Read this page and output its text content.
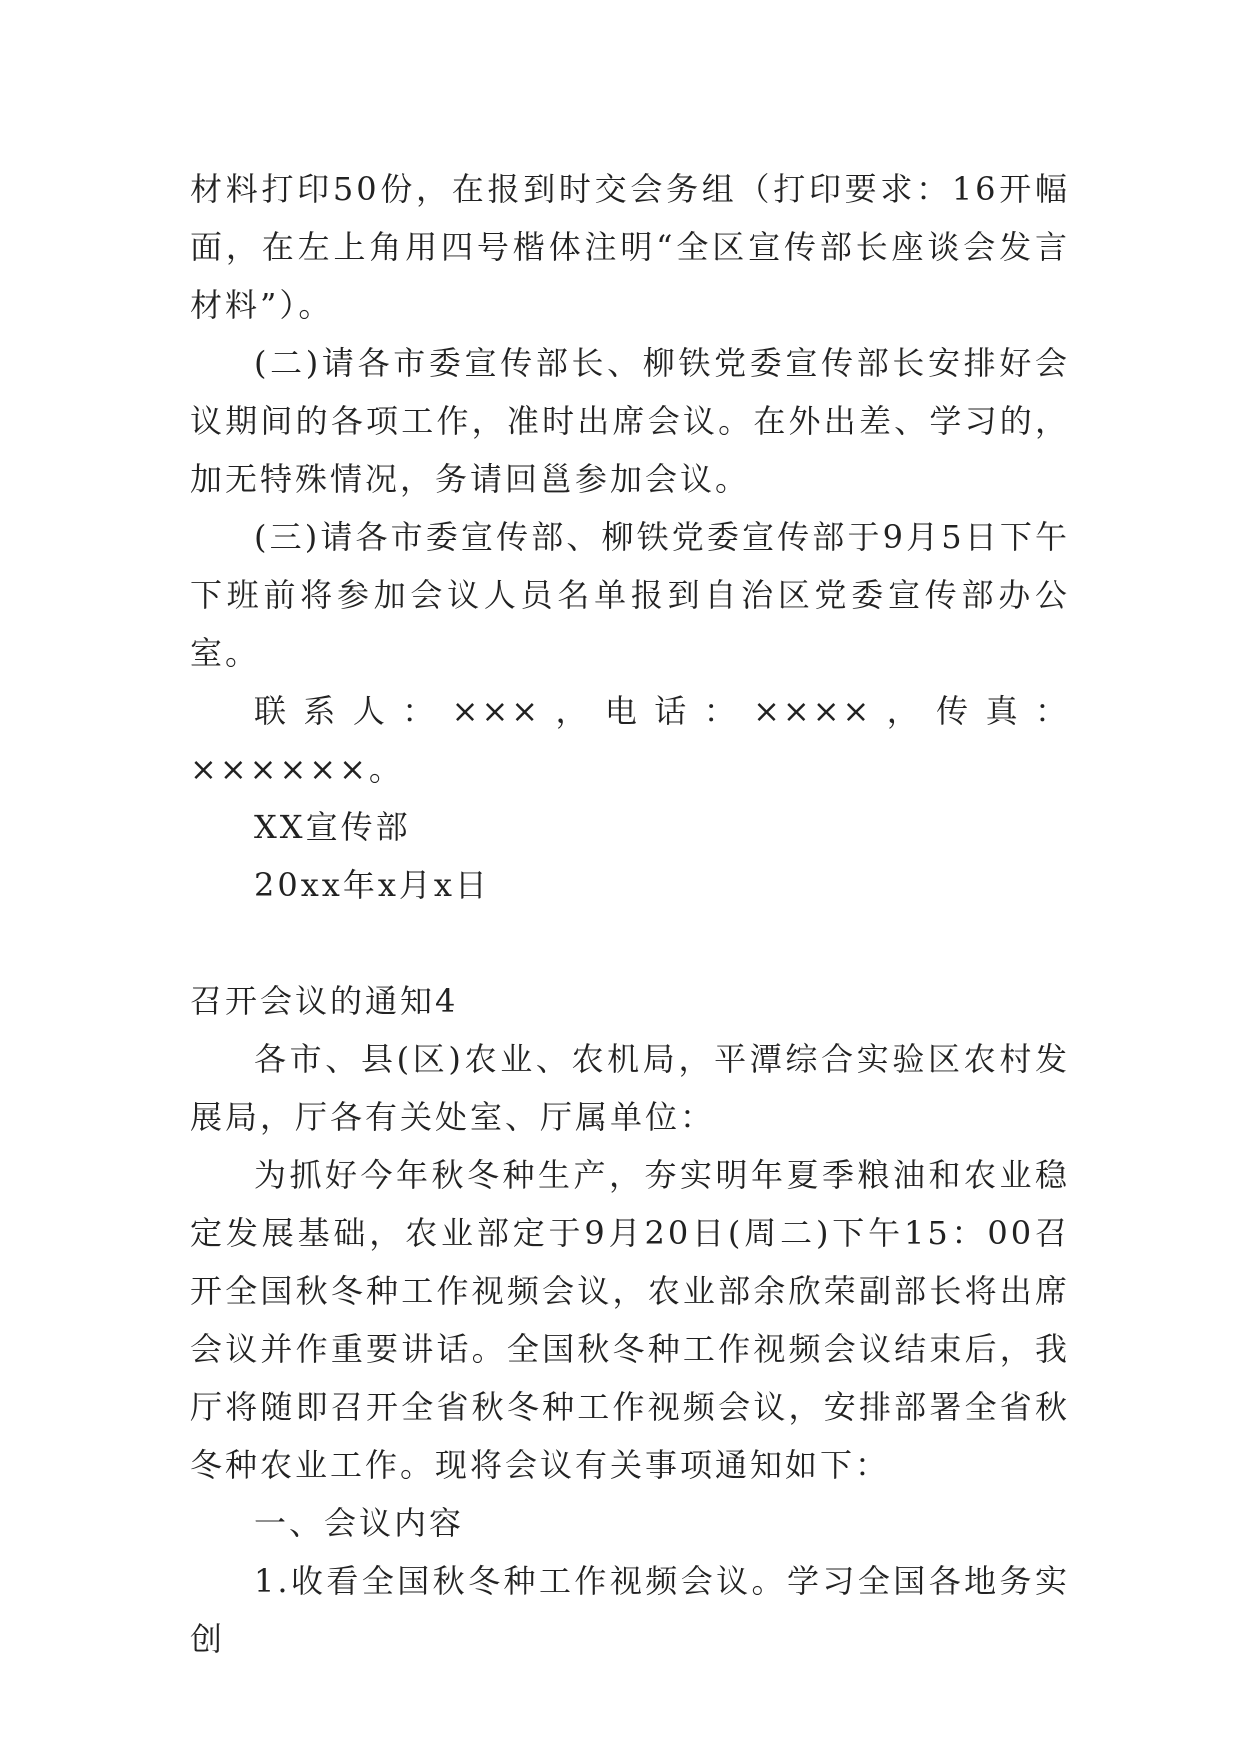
材料打印50份，在报到时交会务组（打印要求：16开幅面，在左上角用四号楷体注明“全区宣传部长座谈会发言材料”）。

(二)请各市委宣传部长、柳铁党委宣传部长安排好会议期间的各项工作，准时出席会议。在外出差、学习的，加无特殊情况，务请回邕参加会议。

(三)请各市委宣传部、柳铁党委宣传部于9月5日下午下班前将参加会议人员名单报到自治区党委宣传部办公室。

联系人：×××，电话：××××，传真：××××××。

XX宣传部

20xx年x月x日

召开会议的通知4

各市、县(区)农业、农机局，平潭综合实验区农村发展局，厅各有关处室、厅属单位：

为抓好今年秋冬种生产，夯实明年夏季粮油和农业稳定发展基础，农业部定于9月20日(周二)下午15：00召开全国秋冬种工作视频会议，农业部余欣荣副部长将出席会议并作重要讲话。全国秋冬种工作视频会议结束后，我厅将随即召开全省秋冬种工作视频会议，安排部署全省秋冬种农业工作。现将会议有关事项通知如下：

一、会议内容

1.收看全国秋冬种工作视频会议。学习全国各地务实创
